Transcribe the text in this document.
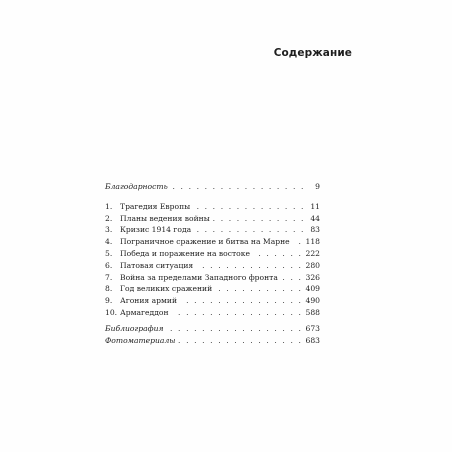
Содержание
Благодарность . . .	9
1.	Трагедия Европы . . .	11
2.	Планы ведения войны . . .	44
3.	Кризис 1914 года . . .	83
4.	Пограничное сражение и битва на Марне . . . 118
5.	Победа и поражение на востоке . . .	222
6.	Патовая ситуация . . .	280
7.	Война за пределами Западного фронта . . .	326
8.	Год великих сражений . . .	409
9.	Агония армий . . .	490
10. Армагеддон . . .	588
Библиография . . .	673
Фотоматериалы . . .	683
